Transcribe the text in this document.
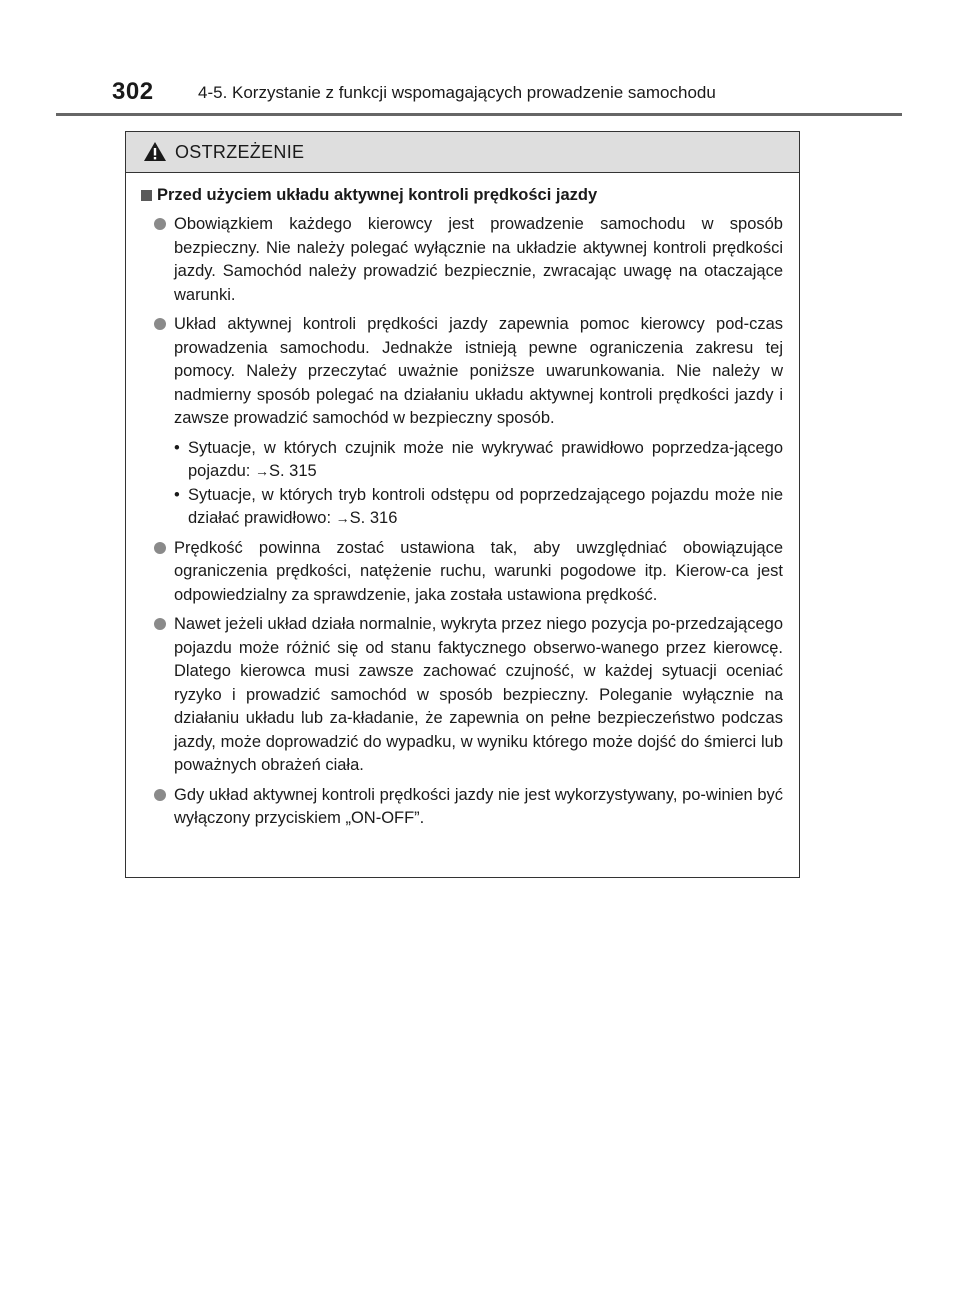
302	4-5. Korzystanie z funkcji wspomagających prowadzenie samochodu
OSTRZEŻENIE
Przed użyciem układu aktywnej kontroli prędkości jazdy
Obowiązkiem każdego kierowcy jest prowadzenie samochodu w sposób bezpieczny. Nie należy polegać wyłącznie na układzie aktywnej kontroli prędkości jazdy. Samochód należy prowadzić bezpiecznie, zwracając uwagę na otaczające warunki.
Układ aktywnej kontroli prędkości jazdy zapewnia pomoc kierowcy pod-czas prowadzenia samochodu. Jednakże istnieją pewne ograniczenia zakresu tej pomocy. Należy przeczytać uważnie poniższe uwarunkowania. Nie należy w nadmierny sposób polegać na działaniu układu aktywnej kontroli prędkości jazdy i zawsze prowadzić samochód w bezpieczny sposób.
• Sytuacje, w których czujnik może nie wykrywać prawidłowo poprzedza-jącego pojazdu: →S. 315
• Sytuacje, w których tryb kontroli odstępu od poprzedzającego pojazdu może nie działać prawidłowo: →S. 316
Prędkość powinna zostać ustawiona tak, aby uwzględniać obowiązujące ograniczenia prędkości, natężenie ruchu, warunki pogodowe itp. Kierow-ca jest odpowiedzialny za sprawdzenie, jaka została ustawiona prędkość.
Nawet jeżeli układ działa normalnie, wykryta przez niego pozycja po-przedzającego pojazdu może różnić się od stanu faktycznego obserwo-wanego przez kierowcę. Dlatego kierowca musi zawsze zachować czujność, w każdej sytuacji oceniać ryzyko i prowadzić samochód w sposób bezpieczny. Poleganie wyłącznie na działaniu układu lub za-kładanie, że zapewnia on pełne bezpieczeństwo podczas jazdy, może doprowadzić do wypadku, w wyniku którego może dojść do śmierci lub poważnych obrażeń ciała.
Gdy układ aktywnej kontroli prędkości jazdy nie jest wykorzystywany, po-winien być wyłączony przyciskiem „ON-OFF”.
